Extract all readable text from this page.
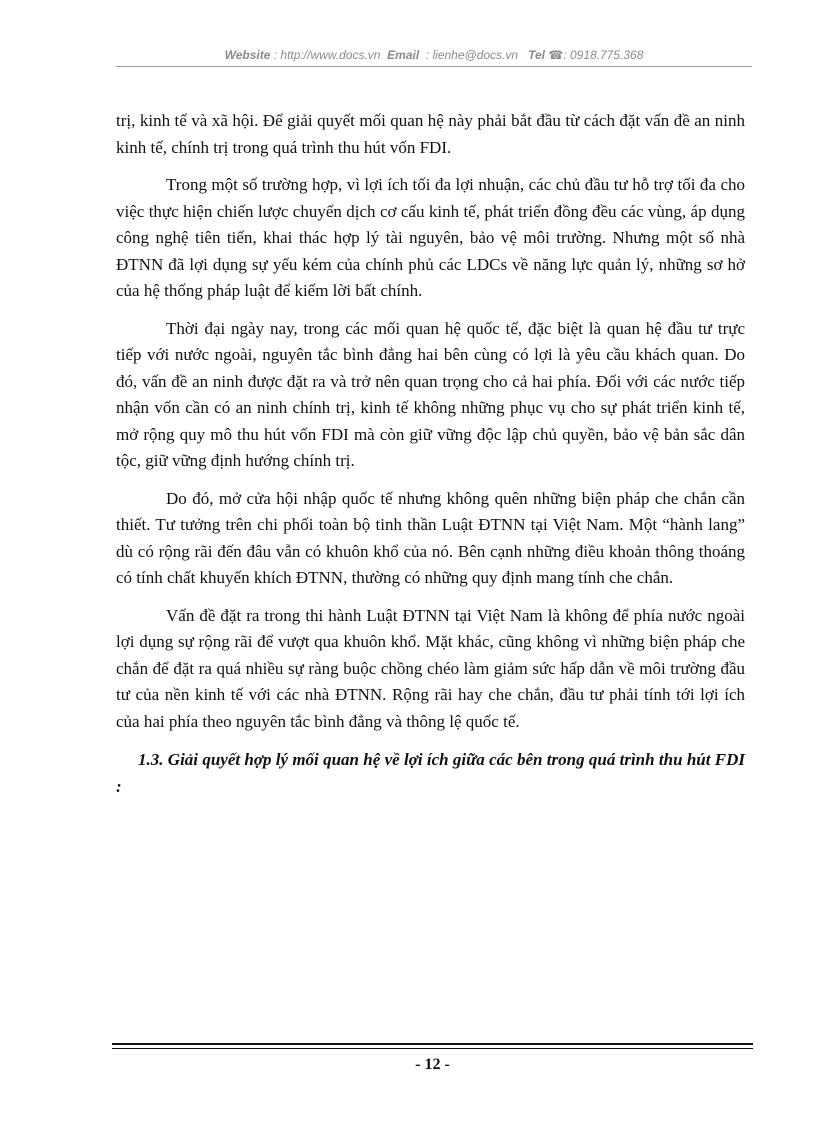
Website : http://www.docs.vn Email  : lienhe@docs.vn Tel ☎: 0918.775.368

trị, kinh tế và xã hội. Để giải quyết mối quan hệ này phải bắt đầu từ cách đặt vấn đề an ninh kinh tế, chính trị trong quá trình thu hút vốn FDI.

Trong một số trường hợp, vì lợi ích tối đa lợi nhuận, các chủ đầu tư hỗ trợ tối đa cho việc thực hiện chiến lược chuyển dịch cơ cấu kinh tế, phát triển đồng đều các vùng, áp dụng công nghệ tiên tiến, khai thác hợp lý tài nguyên, bảo vệ môi trường. Nhưng một số nhà ĐTNN đã lợi dụng sự yếu kém của chính phủ các LDCs về năng lực quản lý, những sơ hở của hệ thống pháp luật để kiếm lời bất chính.

Thời đại ngày nay, trong các mối quan hệ quốc tế, đặc biệt là quan hệ đầu tư trực tiếp với nước ngoài, nguyên tắc bình đẳng hai bên cùng có lợi là yêu cầu khách quan. Do đó, vấn đề an ninh được đặt ra và trở nên quan trọng cho cả hai phía. Đối với các nước tiếp nhận vốn cần có an ninh chính trị, kinh tế không những phục vụ cho sự phát triển kinh tế, mở rộng quy mô thu hút vốn FDI mà còn giữ vững độc lập chủ quyền, bảo vệ bản sắc dân tộc, giữ vững định hướng chính trị.

Do đó, mở cửa hội nhập quốc tế nhưng không quên những biện pháp che chắn cần thiết. Tư tưởng trên chi phối toàn bộ tinh thần Luật ĐTNN tại Việt Nam. Một “hành lang” dù có rộng rãi đến đâu vẫn có khuôn khổ của nó. Bên cạnh những điều khoản thông thoáng có tính chất khuyến khích ĐTNN, thường có những quy định mang tính che chắn.

Vấn đề đặt ra trong thi hành Luật ĐTNN tại Việt Nam là không để phía nước ngoài lợi dụng sự rộng rãi để vượt qua khuôn khổ. Mặt khác, cũng không vì những biện pháp che chắn để đặt ra quá nhiều sự ràng buộc chồng chéo làm giảm sức hấp dẫn về môi trường đầu tư của nền kinh tế với các nhà ĐTNN. Rộng rãi hay che chắn, đầu tư phải tính tới lợi ích của hai phía theo nguyên tắc bình đẳng và thông lệ quốc tế.

1.3. Giải quyết hợp lý mối quan hệ về lợi ích giữa các bên trong quá trình thu hút FDI :

- 12 -
